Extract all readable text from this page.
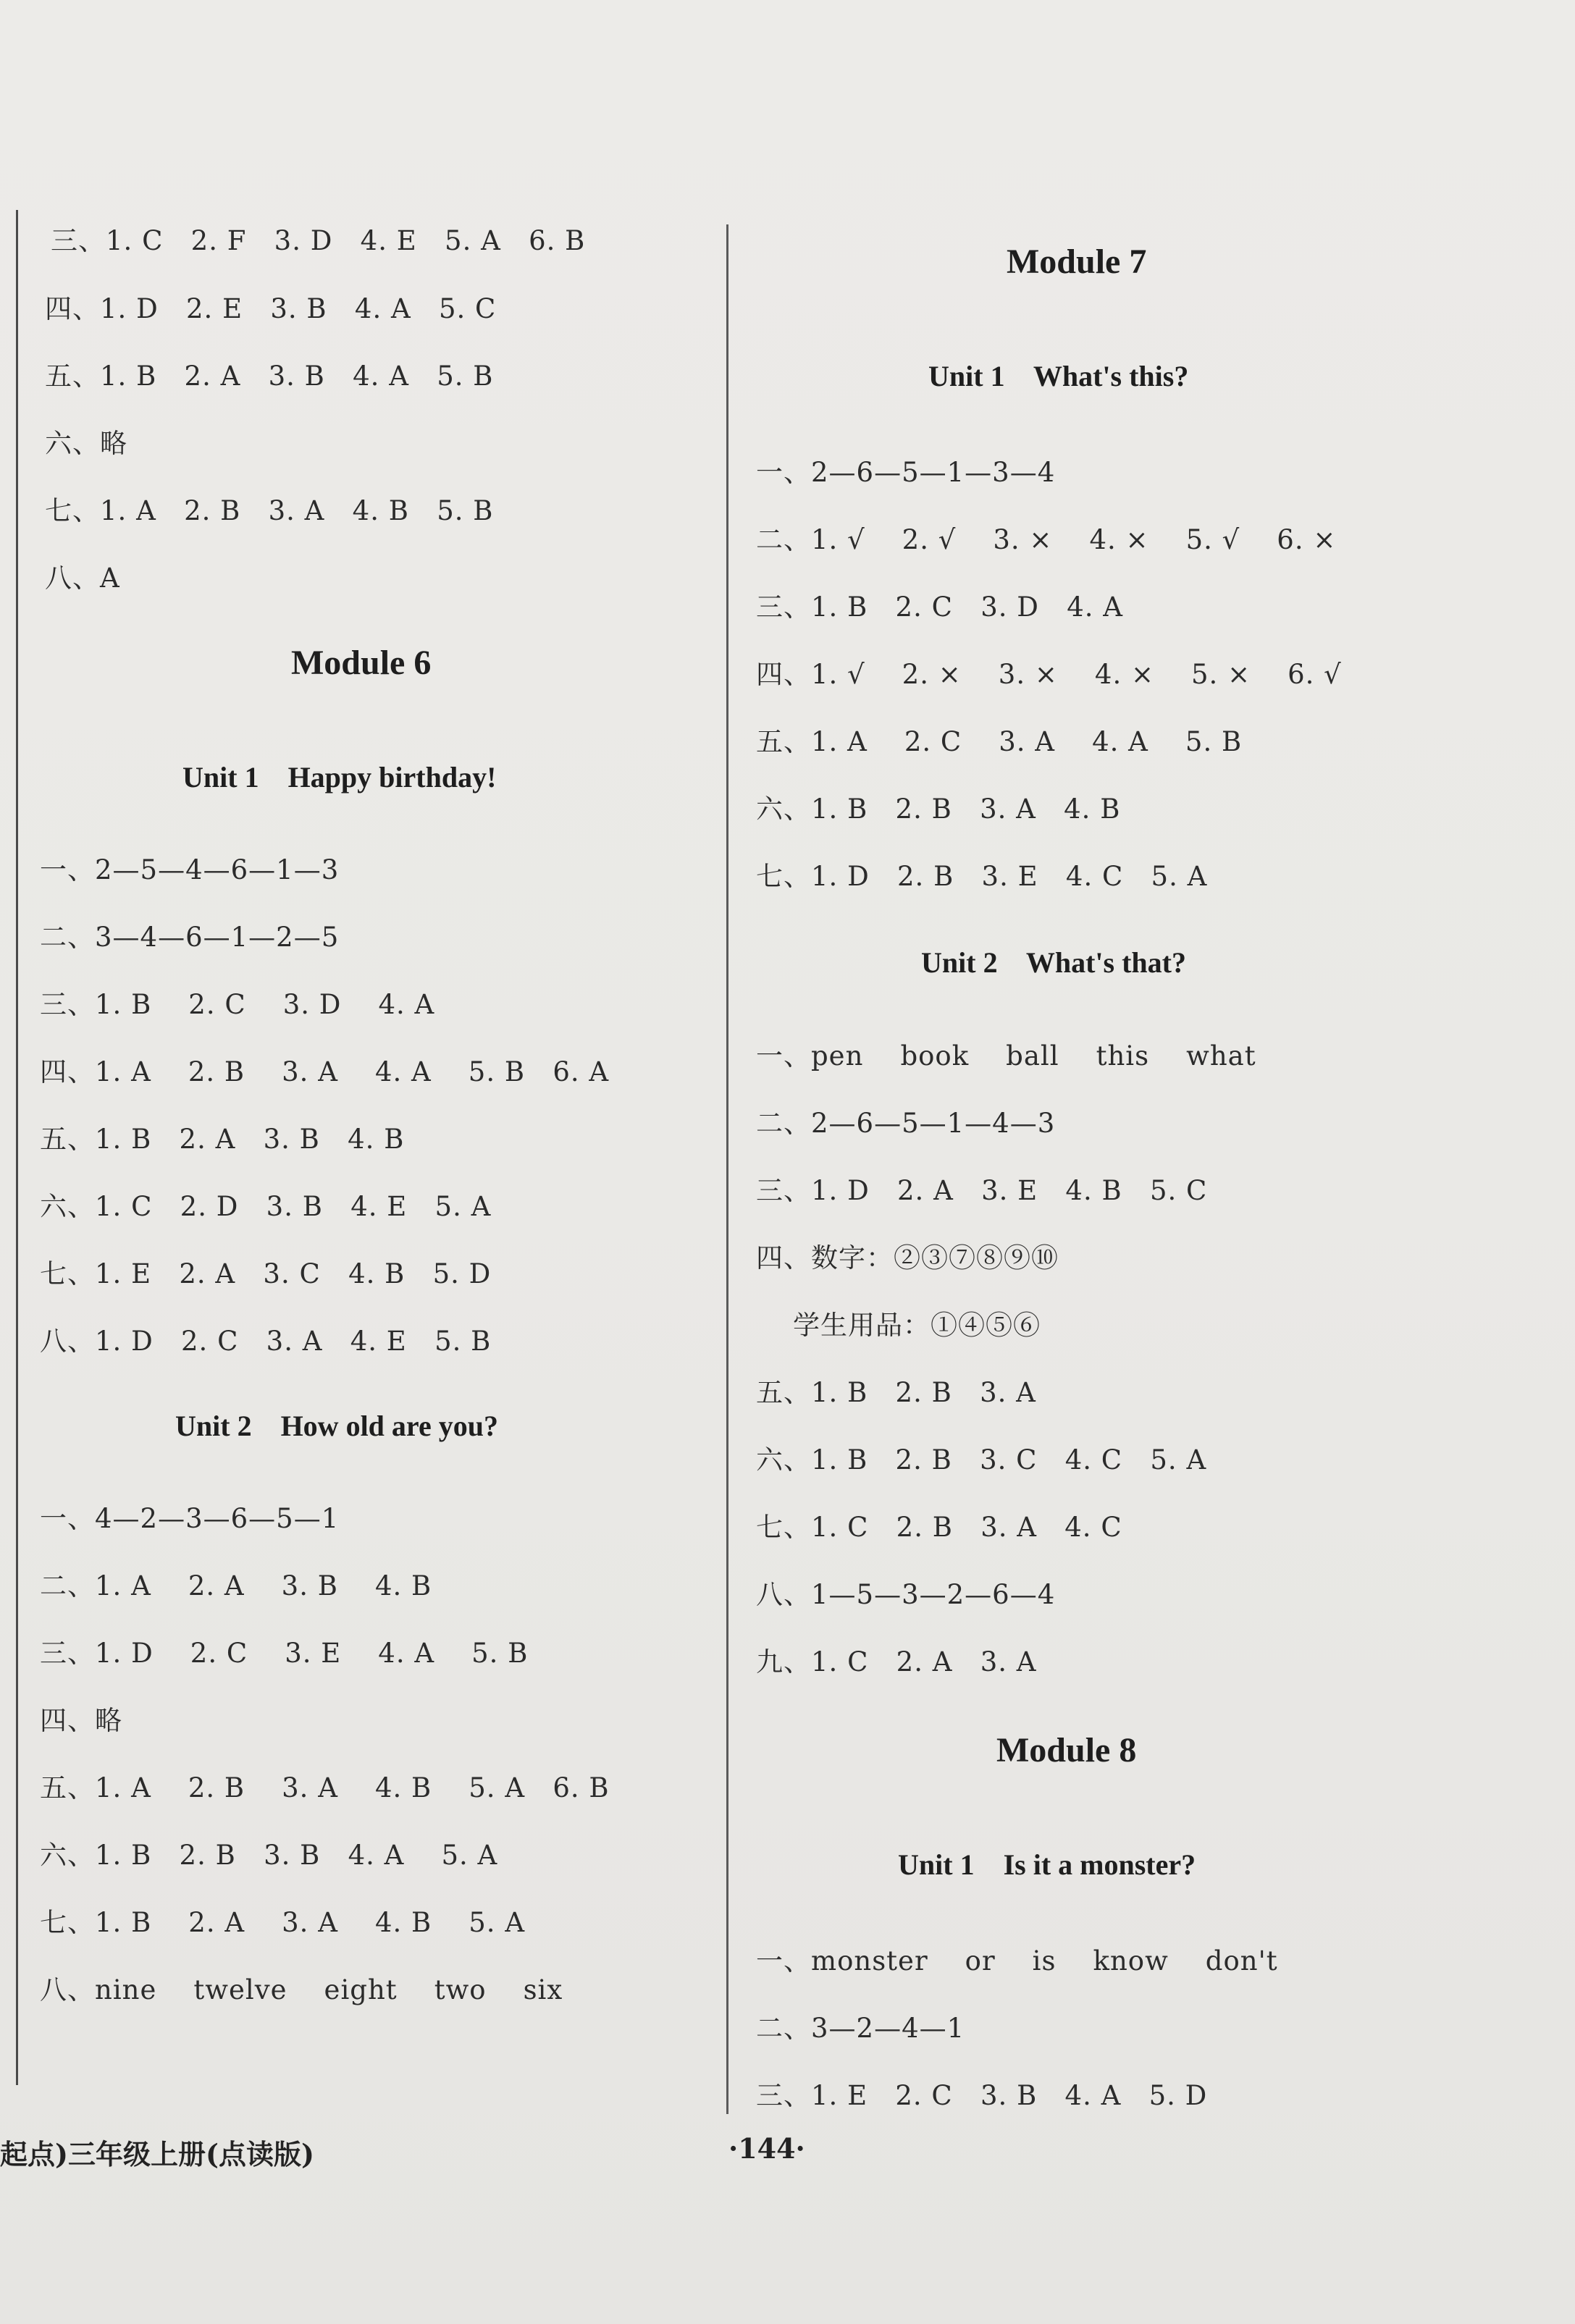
三、1. C   2. F   3. D   4. E   5. A   6. B
四、1. D   2. E   3. B   4. A   5. C
五、1. B   2. A   3. B   4. A   5. B
六、略
七、1. A   2. B   3. A   4. B   5. B
八、A
Module 6
Unit 1    Happy birthday!
一、2—5—4—6—1—3
二、3—4—6—1—2—5
三、1. B    2. C    3. D    4. A
四、1. A    2. B    3. A    4. A    5. B   6. A
五、1. B   2. A   3. B   4. B
六、1. C   2. D   3. B   4. E   5. A
七、1. E   2. A   3. C   4. B   5. D
八、1. D   2. C   3. A   4. E   5. B
Unit 2    How old are you?
一、4—2—3—6—5—1
二、1. A    2. A    3. B    4. B
三、1. D    2. C    3. E    4. A    5. B
四、略
五、1. A    2. B    3. A    4. B    5. A   6. B
六、1. B   2. B   3. B   4. A    5. A
七、1. B    2. A    3. A    4. B    5. A
八、nine    twelve    eight    two    six
Module 7
Unit 1    What's this?
一、2—6—5—1—3—4
二、1. √    2. √    3. ×    4. ×    5. √    6. ×
三、1. B   2. C   3. D   4. A
四、1. √    2. ×    3. ×    4. ×    5. ×    6. √
五、1. A    2. C    3. A    4. A    5. B
六、1. B   2. B   3. A   4. B
七、1. D   2. B   3. E   4. C   5. A
Unit 2    What's that?
一、pen    book    ball    this    what
二、2—6—5—1—4—3
三、1. D   2. A   3. E   4. B   5. C
四、数字：②③⑦⑧⑨⑩
学生用品：①④⑤⑥
五、1. B   2. B   3. A
六、1. B   2. B   3. C   4. C   5. A
七、1. C   2. B   3. A   4. C
八、1—5—3—2—6—4
九、1. C   2. A   3. A
Module 8
Unit 1    Is it a monster?
一、monster    or    is    know    don't
二、3—2—4—1
三、1. E   2. C   3. B   4. A   5. D
起点)三年级上册(点读版)	·144·
